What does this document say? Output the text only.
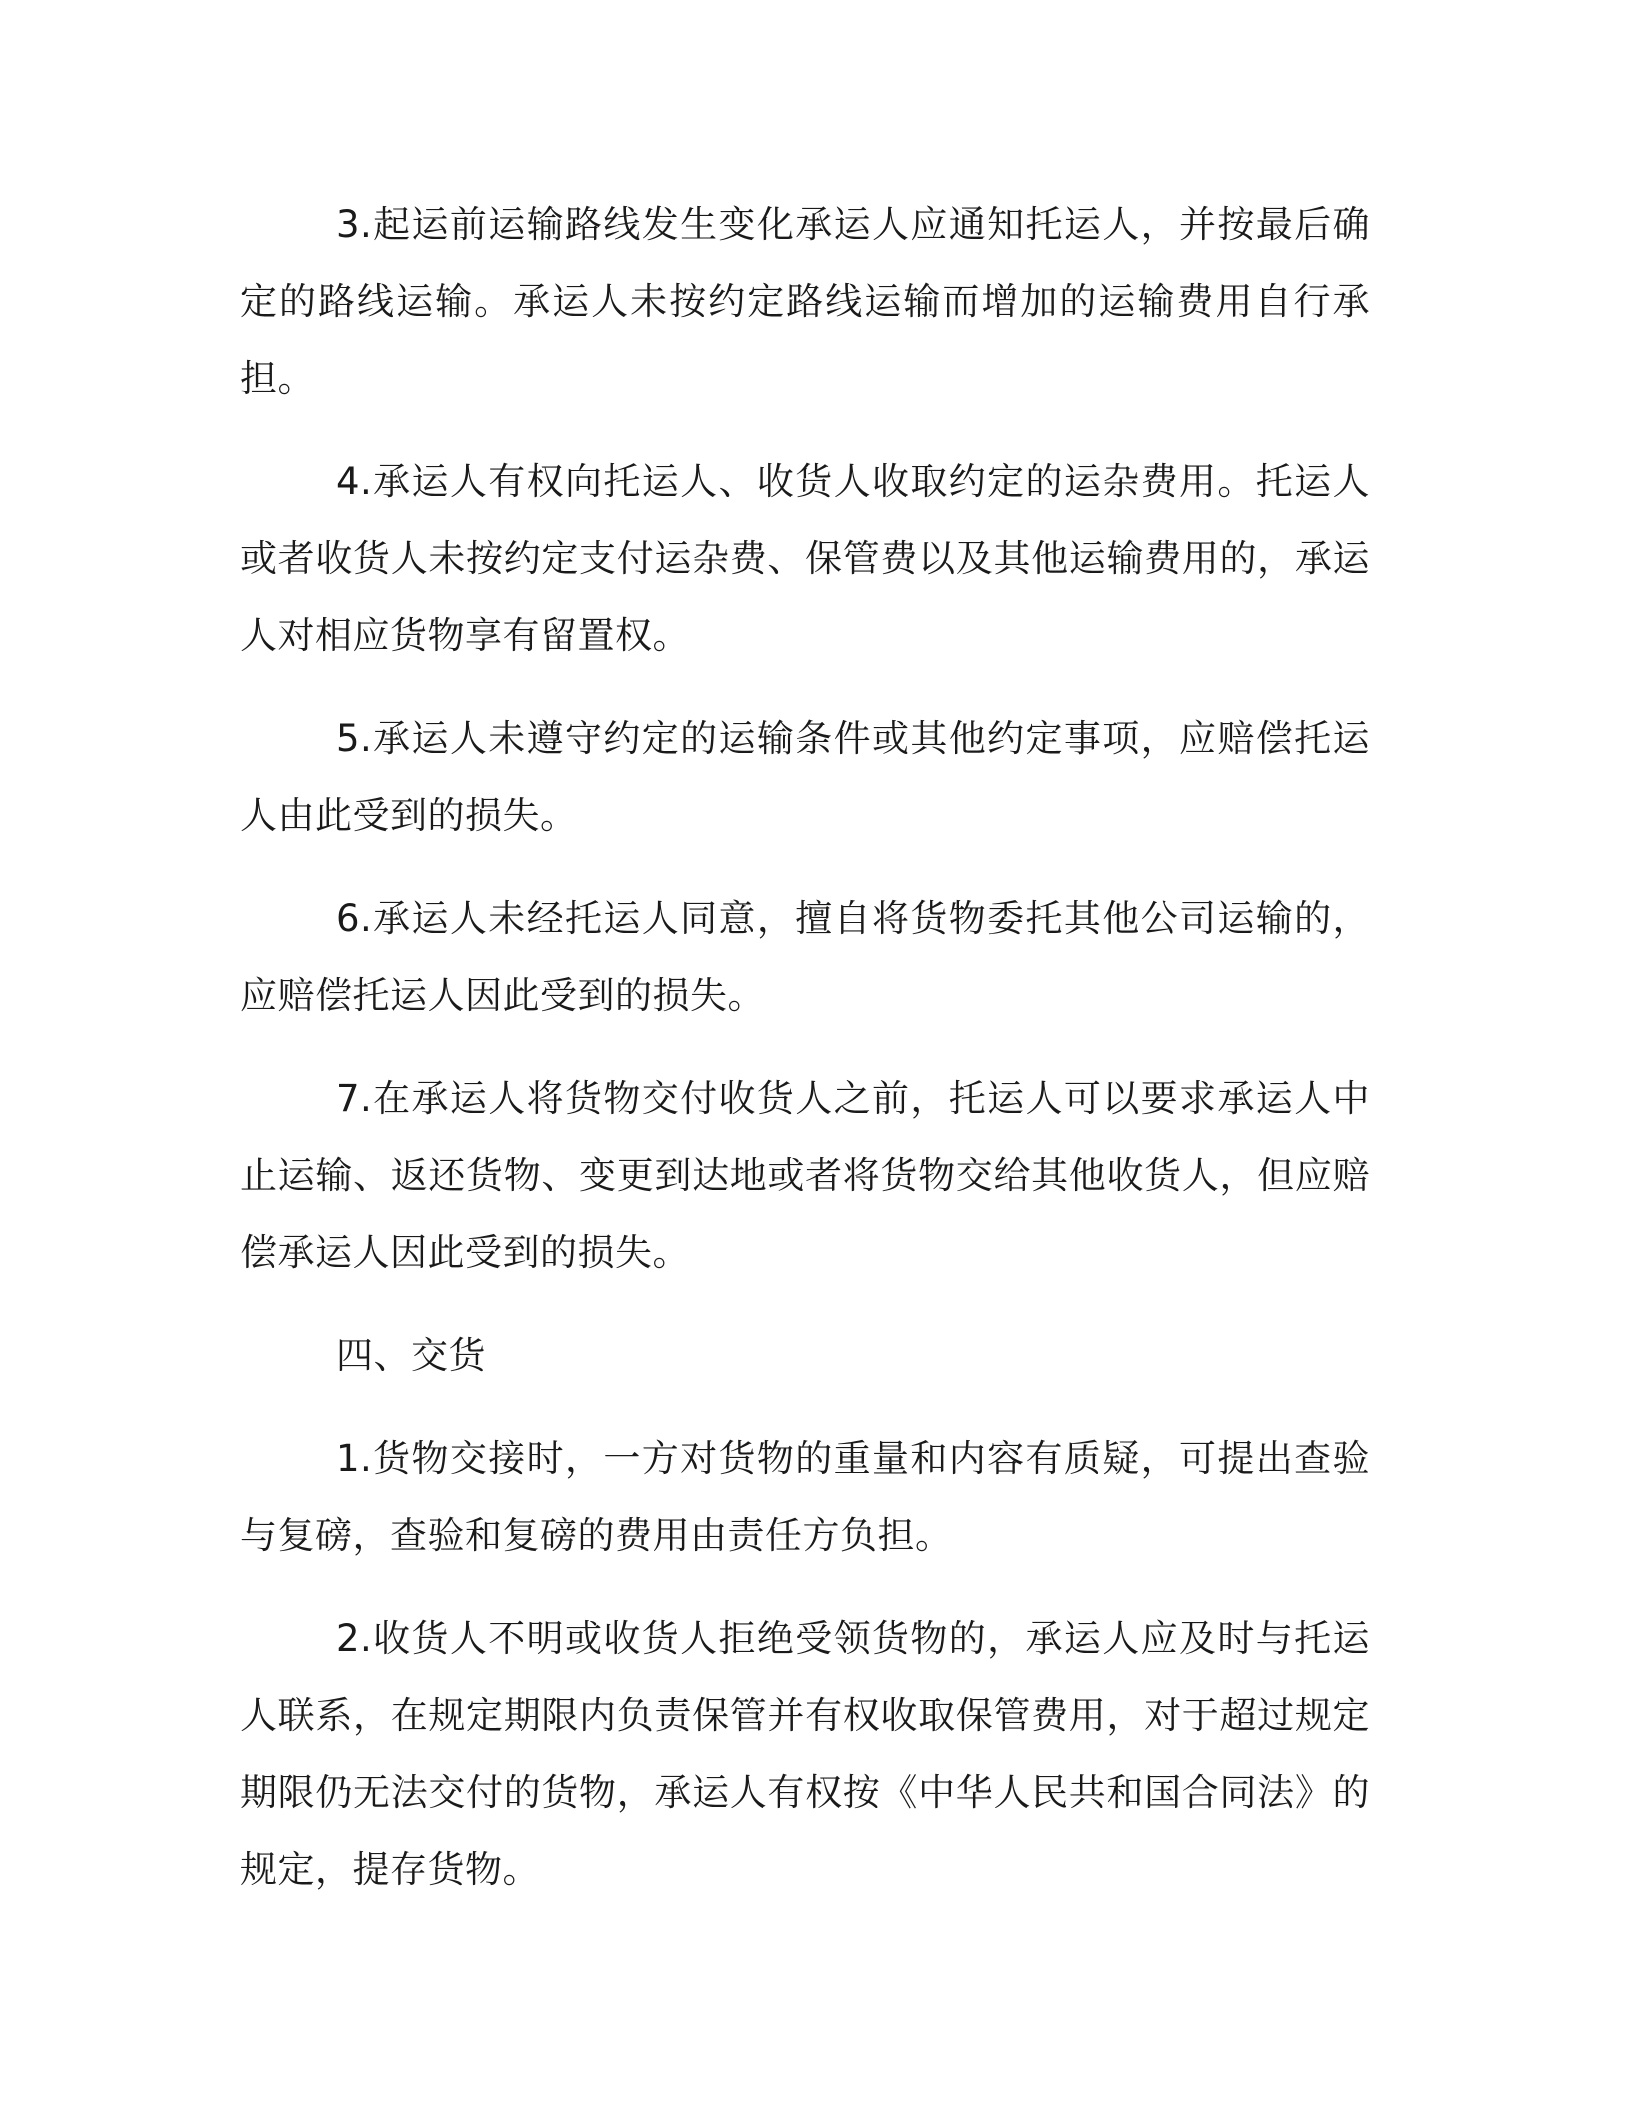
3.起运前运输路线发生变化承运人应通知托运人，并按最后确定的路线运输。承运人未按约定路线运输而增加的运输费用自行承担。

4.承运人有权向托运人、收货人收取约定的运杂费用。托运人或者收货人未按约定支付运杂费、保管费以及其他运输费用的，承运人对相应货物享有留置权。

5.承运人未遵守约定的运输条件或其他约定事项，应赔偿托运人由此受到的损失。

6.承运人未经托运人同意，擅自将货物委托其他公司运输的，应赔偿托运人因此受到的损失。

7.在承运人将货物交付收货人之前，托运人可以要求承运人中止运输、返还货物、变更到达地或者将货物交给其他收货人，但应赔偿承运人因此受到的损失。

四、交货

1.货物交接时，一方对货物的重量和内容有质疑，可提出查验与复磅，查验和复磅的费用由责任方负担。

2.收货人不明或收货人拒绝受领货物的，承运人应及时与托运人联系，在规定期限内负责保管并有权收取保管费用，对于超过规定期限仍无法交付的货物，承运人有权按《中华人民共和国合同法》的规定，提存货物。
